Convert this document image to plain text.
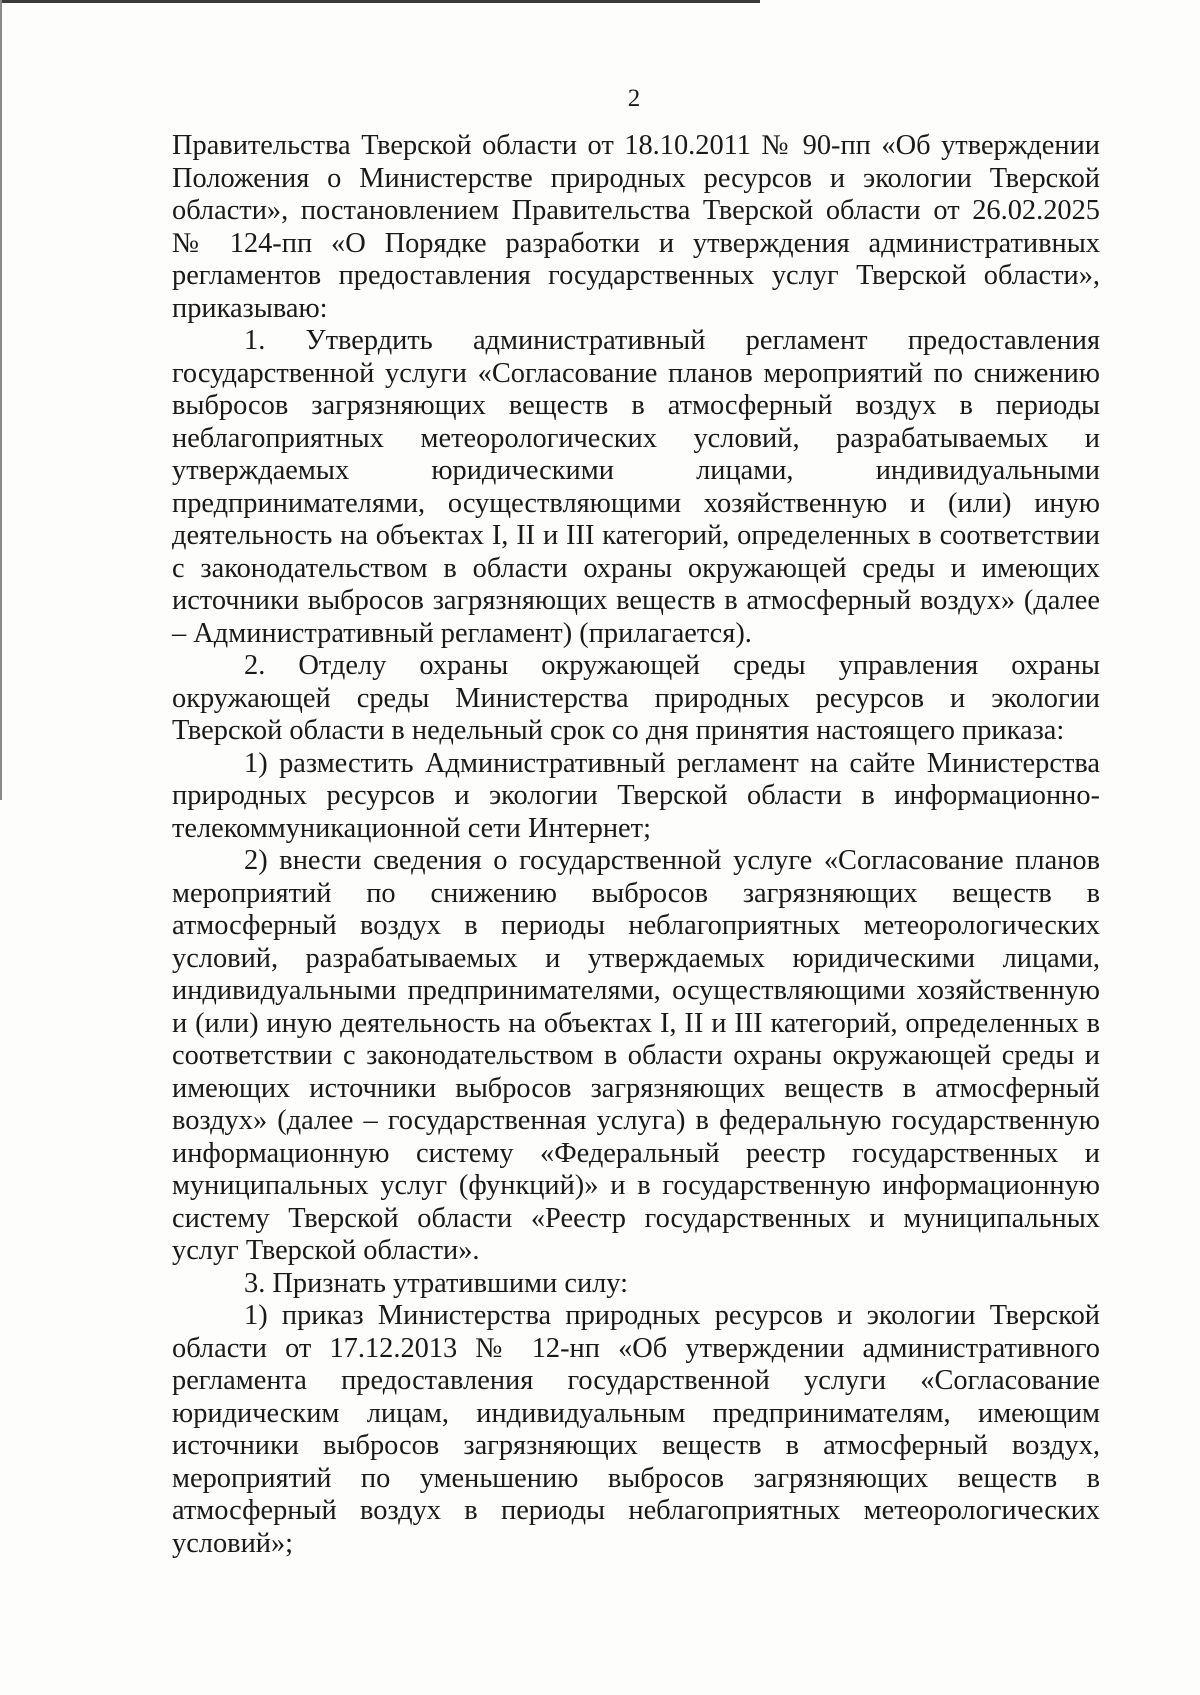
2

Правительства Тверской области от 18.10.2011 № 90-пп «Об утверждении Положения о Министерстве природных ресурсов и экологии Тверской области», постановлением Правительства Тверской области от 26.02.2025 № 124-пп «О Порядке разработки и утверждения административных регламентов предоставления государственных услуг Тверской области», приказываю:

1. Утвердить административный регламент предоставления государственной услуги «Согласование планов мероприятий по снижению выбросов загрязняющих веществ в атмосферный воздух в периоды неблагоприятных метеорологических условий, разрабатываемых и утверждаемых юридическими лицами, индивидуальными предпринимателями, осуществляющими хозяйственную и (или) иную деятельность на объектах I, II и III категорий, определенных в соответствии с законодательством в области охраны окружающей среды и имеющих источники выбросов загрязняющих веществ в атмосферный воздух» (далее – Административный регламент) (прилагается).

2. Отделу охраны окружающей среды управления охраны окружающей среды Министерства природных ресурсов и экологии Тверской области в недельный срок со дня принятия настоящего приказа:

1) разместить Административный регламент на сайте Министерства природных ресурсов и экологии Тверской области в информационно-телекоммуникационной сети Интернет;

2) внести сведения о государственной услуге «Согласование планов мероприятий по снижению выбросов загрязняющих веществ в атмосферный воздух в периоды неблагоприятных метеорологических условий, разрабатываемых и утверждаемых юридическими лицами, индивидуальными предпринимателями, осуществляющими хозяйственную и (или) иную деятельность на объектах I, II и III категорий, определенных в соответствии с законодательством в области охраны окружающей среды и имеющих источники выбросов загрязняющих веществ в атмосферный воздух» (далее – государственная услуга) в федеральную государственную информационную систему «Федеральный реестр государственных и муниципальных услуг (функций)» и в государственную информационную систему Тверской области «Реестр государственных и муниципальных услуг Тверской области».

3. Признать утратившими силу:

1) приказ Министерства природных ресурсов и экологии Тверской области от 17.12.2013 № 12-нп «Об утверждении административного регламента предоставления государственной услуги «Согласование юридическим лицам, индивидуальным предпринимателям, имеющим источники выбросов загрязняющих веществ в атмосферный воздух, мероприятий по уменьшению выбросов загрязняющих веществ в атмосферный воздух в периоды неблагоприятных метеорологических условий»;
